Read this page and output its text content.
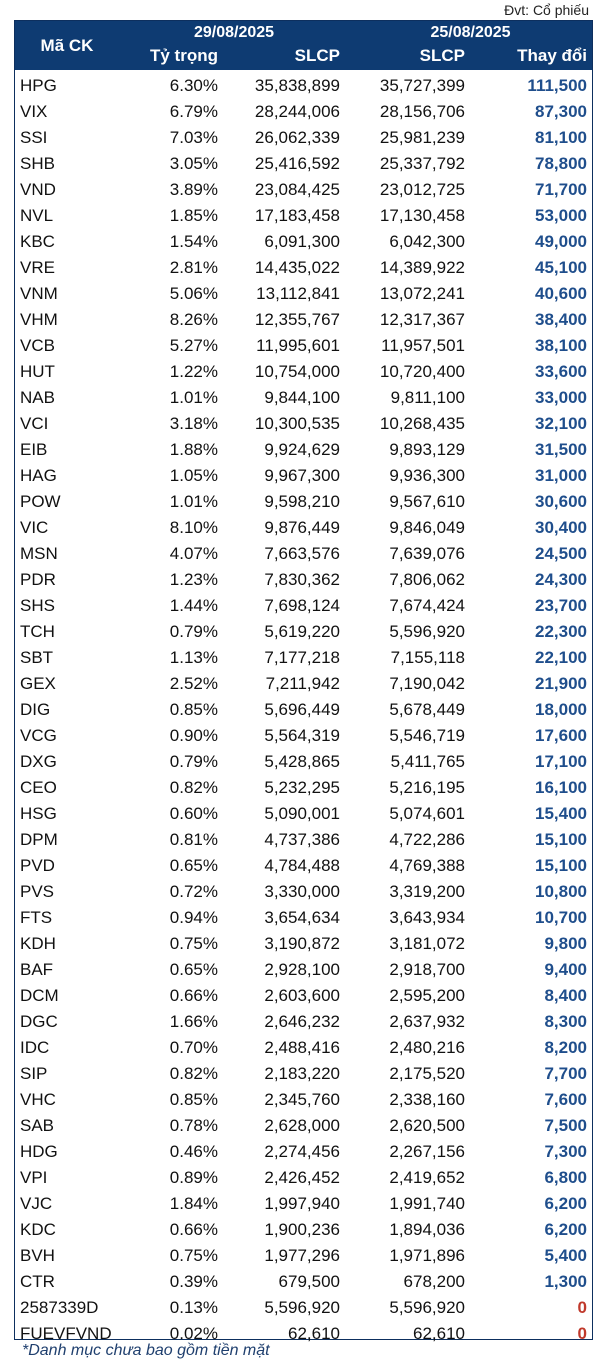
Đvt: Cổ phiếu
Mã CK
29/08/2025	25/08/2025
Tỷ trọng	SLCP	SLCP	Thay đổi
HPG	6.30% 35,838,899 35,727,399	111,500
VIX	6.79% 28,244,006 28,156,706	87,300
SSI	7.03% 26,062,339 25,981,239	81,100
SHB	3.05% 25,416,592 25,337,792	78,800
VND	3.89% 23,084,425 23,012,725	71,700
NVL	1.85% 17,183,458 17,130,458	53,000
KBC	1.54%	6,091,300	6,042,300	49,000
VRE	2.81% 14,435,022 14,389,922	45,100
VNM	5.06% 13,112,841 13,072,241	40,600
VHM	8.26% 12,355,767 12,317,367	38,400
VCB	5.27% 11,995,601 11,957,501	38,100
HUT	1.22% 10,754,000 10,720,400	33,600
NAB	1.01%	9,844,100	9,811,100	33,000
VCI	3.18% 10,300,535 10,268,435	32,100
EIB	1.88%	9,924,629	9,893,129	31,500
HAG	1.05%	9,967,300	9,936,300	31,000
POW	1.01%	9,598,210	9,567,610	30,600
VIC	8.10%	9,876,449	9,846,049	30,400
MSN	4.07%	7,663,576	7,639,076	24,500
PDR	1.23%	7,830,362	7,806,062	24,300
SHS	1.44%	7,698,124	7,674,424	23,700
TCH	0.79%	5,619,220	5,596,920	22,300
SBT	1.13%	7,177,218	7,155,118	22,100
GEX	2.52%	7,211,942	7,190,042	21,900
DIG	0.85%	5,696,449	5,678,449	18,000
VCG	0.90%	5,564,319	5,546,719	17,600
DXG	0.79%	5,428,865	5,411,765	17,100
CEO	0.82%	5,232,295	5,216,195	16,100
HSG	0.60%	5,090,001	5,074,601	15,400
DPM	0.81%	4,737,386	4,722,286	15,100
PVD	0.65%	4,784,488	4,769,388	15,100
PVS	0.72%	3,330,000	3,319,200	10,800
FTS	0.94%	3,654,634	3,643,934	10,700
KDH	0.75%	3,190,872	3,181,072	9,800
BAF	0.65%	2,928,100	2,918,700	9,400
DCM	0.66%	2,603,600	2,595,200	8,400
DGC	1.66%	2,646,232	2,637,932	8,300
IDC	0.70%	2,488,416	2,480,216	8,200
SIP	0.82%	2,183,220	2,175,520	7,700
VHC	0.85%	2,345,760	2,338,160	7,600
SAB	0.78%	2,628,000	2,620,500	7,500
HDG	0.46%	2,274,456	2,267,156	7,300
VPI	0.89%	2,426,452	2,419,652	6,800
VJC	1.84%	1,997,940	1,991,740	6,200
KDC	0.66%	1,900,236	1,894,036	6,200
BVH	0.75%	1,977,296	1,971,896	5,400
CTR	0.39%	679,500	678,200	1,300
2587339D	0.13%	5,596,920	5,596,920	0
FUEVFVND	0.02%	62,610	62,610	0
*Danh mục chưa bao gồm tiền mặt
